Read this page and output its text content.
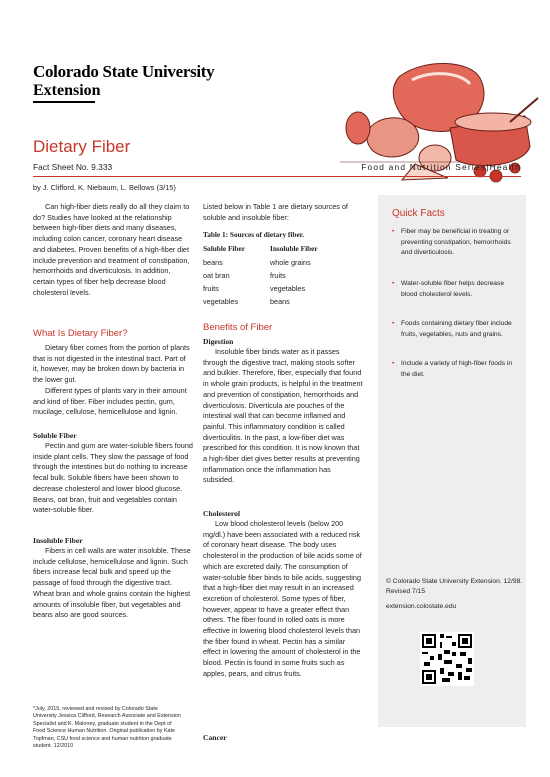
Colorado State University
Extension
Dietary Fiber
Fact Sheet No. 9.333	Food and Nutrition Series|Health
by J. Clifford, K. Niebaum, L. Bellows (3/15)
Can high-fiber diets really do all they claim to do? Studies have looked at the relationship between high-fiber diets and many diseases, including colon cancer, coronary heart disease and diabetes. Proven benefits of a high-fiber diet include prevention and treatment of constipation, hemorrhoids and diverticulosis. In addition, certain types of fiber help decrease blood cholesterol levels.
What Is Dietary Fiber?
Dietary fiber comes from the portion of plants that is not digested in the intestinal tract. Part of it, however, may be broken down by bacteria in the lower gut.
Different types of plants vary in their amount and kind of fiber. Fiber includes pectin, gum, mucilage, cellulose, hemicellulose and lignin.
Soluble Fiber
Pectin and gum are water-soluble fibers found inside plant cells. They slow the passage of food through the intestines but do nothing to increase fecal bulk. Soluble fibers have been shown to decrease cholesterol and lower blood glucose. Beans, oat bran, fruit and vegetables contain water-soluble fiber.
Insoluble Fiber
Fibers in cell walls are water insoluble. These include cellulose, hemicellulose and lignin. Such fibers increase fecal bulk and speed up the passage of food through the digestive tract. Wheat bran and whole grains contain the highest amounts of insoluble fiber, but vegetables and beans also are good sources.
Listed below in Table 1 are dietary sources of soluble and insoluble fiber:
Table 1: Sources of dietary fiber.
Soluble Fiber	Insoluble Fiber
beans	whole grains
oat bran	fruits
fruits	vegetables
vegetables	beans
Benefits of Fiber
Digestion
Insoluble fiber binds water as it passes through the digestive tract, making stools softer and bulkier. Therefore, fiber, especially that found in whole grain products, is helpful in the treatment and prevention of constipation, hemorrhoids and diverticulosis. Diverticula are pouches of the intestinal wall that can become inflamed and painful. This inflammatory condition is called diverticulitis. In the past, a low-fiber diet was prescribed for this condition. It is now known that a high-fiber diet gives better results at preventing inflammation once the inflammation has subsided.
Cholesterol
Low blood cholesterol levels (below 200 mg/dl.) have been associated with a reduced risk of coronary heart disease. The body uses cholesterol in the production of bile acids some of which are excreted daily. The consumption of water-soluble fiber binds to bile acids, suggesting that a high-fiber diet may result in an increased excretion of cholesterol. Some types of fiber, however, appear to have a greater effect than others. The fiber found in rolled oats is more effective in lowering blood cholesterol levels than the fiber found in wheat. Pectin has a similar effect in lowering the amount of cholesterol in the blood. Pectin is found in some fruits such as apples, pears, and citrus fruits.
Cancer
Quick Facts
• Fiber may be beneficial in treating or preventing constipation, hemorrhoids and diverticulosis.
• Water-soluble fiber helps decrease blood cholesterol levels.
• Foods containing dietary fiber include fruits, vegetables, nuts and grains.
• Include a variety of high-fiber foods in the diet.
© Colorado State University Extension. 12/98. Revised 7/15
extension.colostate.edu
*July, 2015, reviewed and revised by Colorado State University Jessica Clifford, Research Associate and Extension Specialist and K. Maloney, graduate student in the Dept of Food Science Human Nutrition. Original publication by Kate Topfman, CSU food science and human nutrition graduate student. 12/2010
